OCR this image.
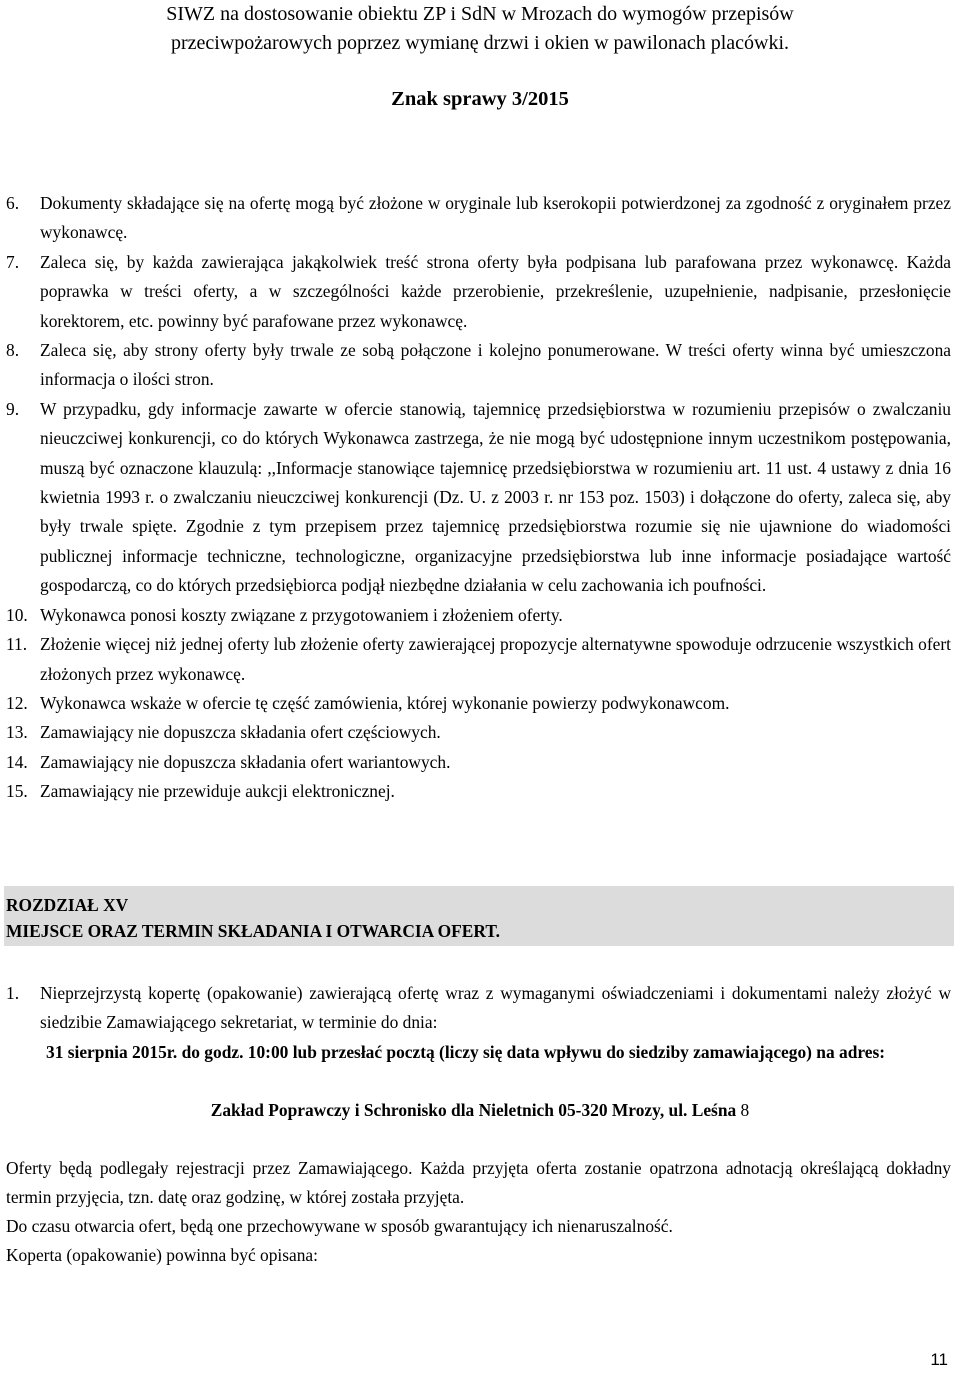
SIWZ na dostosowanie obiektu ZP i SdN w Mrozach do wymogów przepisów
przeciwpożarowych poprzez wymianę drzwi i okien w pawilonach placówki.
Znak sprawy 3/2015
6. Dokumenty składające się na ofertę mogą być złożone w oryginale lub kserokopii potwierdzonej za zgodność z oryginałem przez wykonawcę.
7. Zaleca się, by każda zawierająca jakąkolwiek treść strona oferty była podpisana lub parafowana przez wykonawcę. Każda poprawka w treści oferty, a w szczególności każde przerobienie, przekreślenie, uzupełnienie, nadpisanie, przesłonięcie korektorem, etc. powinny być parafowane przez wykonawcę.
8. Zaleca się, aby strony oferty były trwale ze sobą połączone i kolejno ponumerowane. W treści oferty winna być umieszczona informacja o ilości stron.
9. W przypadku, gdy informacje zawarte w ofercie stanowią, tajemnicę przedsiębiorstwa w rozumieniu przepisów o zwalczaniu nieuczciwej konkurencji, co do których Wykonawca zastrzega, że nie mogą być udostępnione innym uczestnikom postępowania, muszą być oznaczone klauzulą: ,,Informacje stanowiące tajemnicę przedsiębiorstwa w rozumieniu art. 11 ust. 4 ustawy z dnia 16 kwietnia 1993 r. o zwalczaniu nieuczciwej konkurencji (Dz. U. z 2003 r. nr 153 poz. 1503) i dołączone do oferty, zaleca się, aby były trwale spięte. Zgodnie z tym przepisem przez tajemnicę przedsiębiorstwa rozumie się nie ujawnione do wiadomości publicznej informacje techniczne, technologiczne, organizacyjne przedsiębiorstwa lub inne informacje posiadające wartość gospodarczą, co do których przedsiębiorca podjął niezbędne działania w celu zachowania ich poufności.
10. Wykonawca ponosi koszty związane z przygotowaniem i złożeniem oferty.
11. Złożenie więcej niż jednej oferty lub złożenie oferty zawierającej propozycje alternatywne spowoduje odrzucenie wszystkich ofert złożonych przez wykonawcę.
12. Wykonawca wskaże w ofercie tę część zamówienia, której wykonanie powierzy podwykonawcom.
13. Zamawiający nie dopuszcza składania ofert częściowych.
14. Zamawiający nie dopuszcza składania ofert wariantowych.
15. Zamawiający nie przewiduje aukcji elektronicznej.
ROZDZIAŁ XV
MIEJSCE ORAZ TERMIN SKŁADANIA I OTWARCIA OFERT.
1. Nieprzejrzystą kopertę (opakowanie) zawierającą ofertę wraz z wymaganymi oświadczeniami i dokumentami należy złożyć w siedzibie Zamawiającego sekretariat, w terminie do dnia:
31 sierpnia 2015r. do godz. 10:00 lub przesłać pocztą (liczy się data wpływu do siedziby zamawiającego) na adres:
Zakład Poprawczy i Schronisko dla Nieletnich 05-320 Mrozy, ul. Leśna 8
Oferty będą podlegały rejestracji przez Zamawiającego. Każda przyjęta oferta zostanie opatrzona adnotacją określającą dokładny termin przyjęcia, tzn. datę oraz godzinę, w której została przyjęta.
Do czasu otwarcia ofert, będą one przechowywane w sposób gwarantujący ich nienaruszalność.
Koperta (opakowanie) powinna być opisana:
11
